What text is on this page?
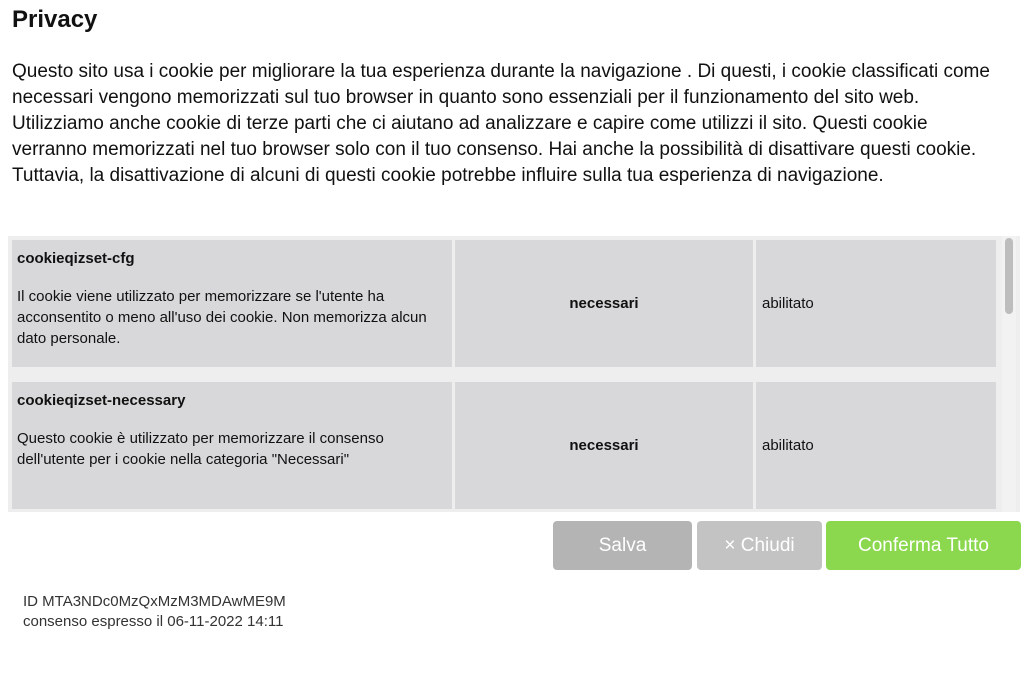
Privacy
Questo sito usa i cookie per migliorare la tua esperienza durante la navigazione . Di questi, i cookie classificati come necessari vengono memorizzati sul tuo browser in quanto sono essenziali per il funzionamento del sito web. Utilizziamo anche cookie di terze parti che ci aiutano ad analizzare e capire come utilizzi il sito. Questi cookie verranno memorizzati nel tuo browser solo con il tuo consenso. Hai anche la possibilità di disattivare questi cookie. Tuttavia, la disattivazione di alcuni di questi cookie potrebbe influire sulla tua esperienza di navigazione.
cookieqizset-cfg
Il cookie viene utilizzato per memorizzare se l'utente ha acconsentito o meno all'uso dei cookie. Non memorizza alcun dato personale.
necessari	abilitato
cookieqizset-necessary
Questo cookie è utilizzato per memorizzare il consenso dell'utente per i cookie nella categoria "Necessari"
necessari	abilitato
Salva	× Chiudi	Conferma Tutto
ID MTA3NDc0MzQxMzM3MDAwME9M
consenso espresso il 06-11-2022 14:11
